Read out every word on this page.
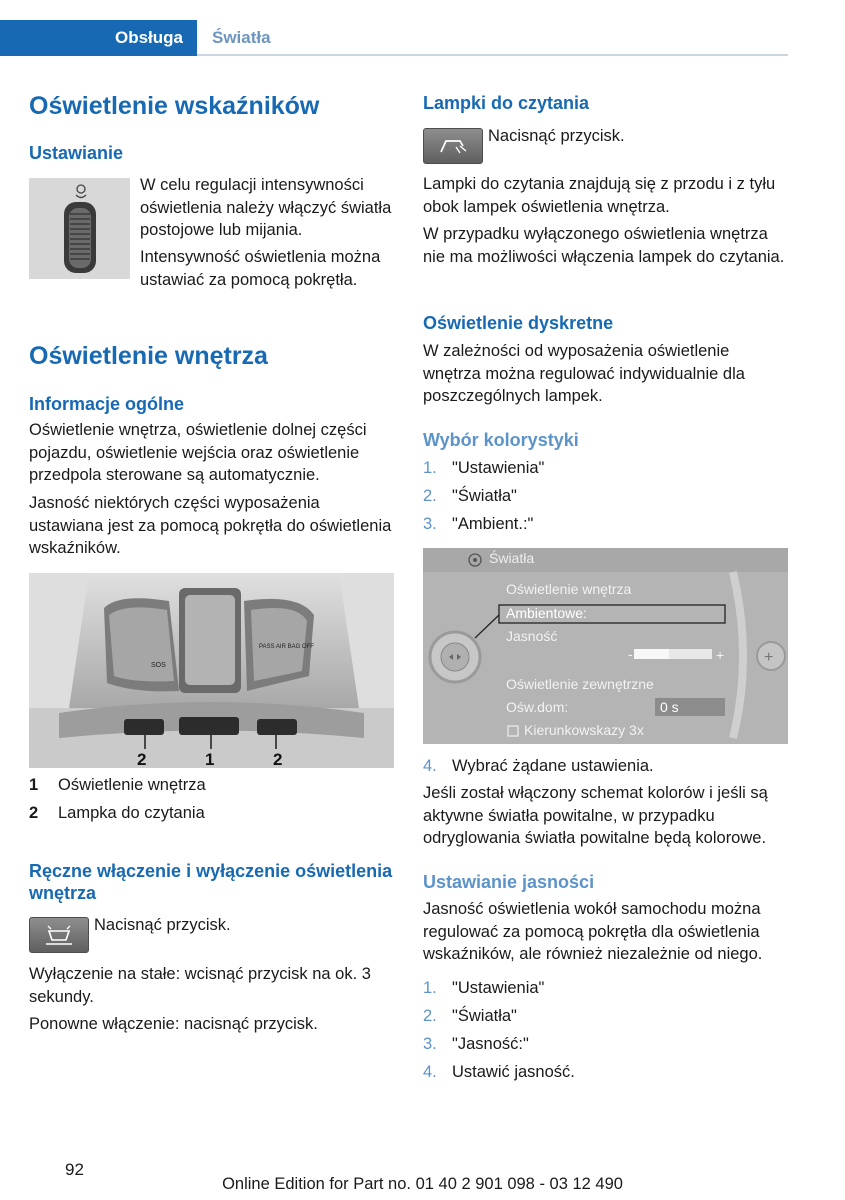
Obsługa Światła
Oświetlenie wskaźników
Ustawianie

W celu regulacji intensywności oświetlenia należy włączyć światła postojowe lub mijania.

Intensywność oświetlenia można ustawiać za pomocą pokrętła.

Oświetlenie wnętrza
Informacje ogólne

Oświetlenie wnętrza, oświetlenie dolnej części pojazdu, oświetlenie wejścia oraz oświetlenie przedpola sterowane są automatycznie.

Jasność niektórych części wyposażenia ustawiana jest za pomocą pokrętła do oświetlenia wskaźników.

SOS
PASS AIR BAG OFF
2	1	2
1 Oświetlenie wnętrza
2 Lampka do czytania
Ręczne włączenie i wyłączenie oświetlenia wnętrza

Nacisnąć przycisk.

Wyłączenie na stałe: wcisnąć przycisk na ok. 3 sekundy.

Ponowne włączenie: nacisnąć przycisk.

Lampki do czytania

Nacisnąć przycisk.

Lampki do czytania znajdują się z przodu i z tyłu obok lampek oświetlenia wnętrza.

W przypadku wyłączonego oświetlenia wnętrza nie ma możliwości włączenia lampek do czytania.

Oświetlenie dyskretne

W zależności od wyposażenia oświetlenie wnętrza można regulować indywidualnie dla poszczególnych lampek.

Wybór kolorystyki
1. "Ustawienia"
2. "Światła"
3. "Ambient.:"
+
Światła
Oświetlenie wnętrza
Ambientowe:
Jasność
-	+
Oświetlenie zewnętrzne
Ośw.dom:	0 s
Kierunkowskazy 3x
4. Wybrać żądane ustawienia.

Jeśli został włączony schemat kolorów i jeśli są aktywne światła powitalne, w przypadku odryglowania światła powitalne będą kolorowe.

Ustawianie jasności

Jasność oświetlenia wokół samochodu można regulować za pomocą pokrętła dla oświetlenia wskaźników, ale również niezależnie od niego.

1. "Ustawienia"
2. "Światła"
3. "Jasność:"
4. Ustawić jasność.
92
Online Edition for Part no. 01 40 2 901 098 - 03 12 490
